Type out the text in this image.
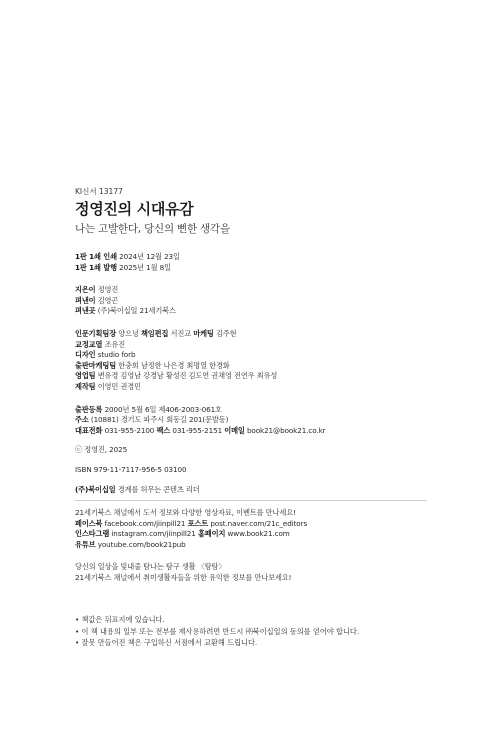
KI신서 13177
정영진의 시대유감
나는 고발한다, 당신의 뻔한 생각을
1판 1쇄 인쇄 2024년 12월 23일
1판 1쇄 발행 2025년 1월 8일
지은이 정영진
펴낸이 김영곤
펴낸곳 (주)북이십일 21세기북스
인문기획팀장 양으녕 책임편집 서진교 마케팅 김주현
교정교열 조유진
디자인 studio forb
출판마케팅팀 한충희 남정한 나은경 최명열 한경화
영업팀 변유경 김영남 강경남 황성진 김도연 권채영 전연우 최유성
제작팀 이영민 권경민
출판등록 2000년 5월 6일 제406-2003-061호
주소 (10881) 경기도 파주시 회동길 201(문발동)
대표전화 031-955-2100 팩스 031-955-2151 이메일 book21@book21.co.kr
ⓒ 정영진, 2025
ISBN 979-11-7117-956-5 03100
(주)북이십일 경계를 허무는 콘텐츠 리더
21세기북스 채널에서 도서 정보와 다양한 영상자료, 이벤트를 만나세요!
페이스북 facebook.com/jiinpill21 포스트 post.naver.com/21c_editors
인스타그램 instagram.com/jiinpill21 홈페이지 www.book21.com
유튜브 youtube.com/book21pub
당신의 일상을 빛내줄 탐나는 탐구 생활 〈탐탐〉
21세기북스 채널에서 취미생활자들을 위한 유익한 정보를 만나보세요!
• 책값은 뒤표지에 있습니다.
• 이 책 내용의 일부 또는 전부를 재사용하려면 반드시 ㈜북이십일의 동의를 얻어야 합니다.
• 잘못 만들어진 책은 구입하신 서점에서 교환해 드립니다.
